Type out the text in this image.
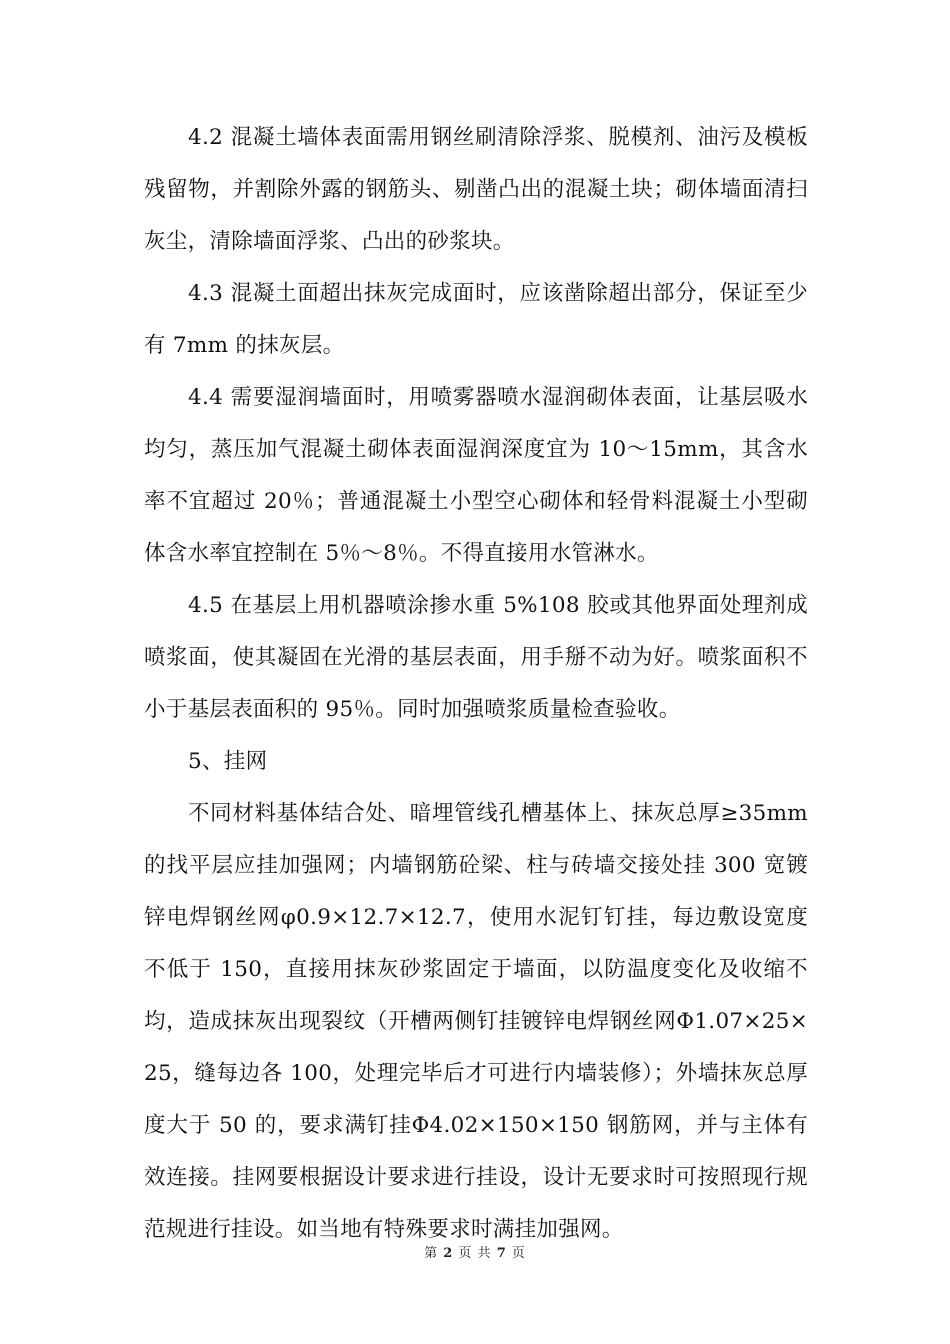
4.2 混凝土墙体表面需用钢丝刷清除浮浆、脱模剂、油污及模板残留物，并割除外露的钢筋头、剔凿凸出的混凝土块；砌体墙面清扫灰尘，清除墙面浮浆、凸出的砂浆块。

4.3 混凝土面超出抹灰完成面时，应该凿除超出部分，保证至少有 7mm 的抹灰层。

4.4 需要湿润墙面时，用喷雾器喷水湿润砌体表面，让基层吸水均匀，蒸压加气混凝土砌体表面湿润深度宜为 10～15mm，其含水率不宜超过 20％；普通混凝土小型空心砌体和轻骨料混凝土小型砌体含水率宜控制在 5％～8％。不得直接用水管淋水。

4.5 在基层上用机器喷涂掺水重 5%108 胶或其他界面处理剂成喷浆面，使其凝固在光滑的基层表面，用手掰不动为好。喷浆面积不小于基层表面积的 95％。同时加强喷浆质量检查验收。

5、挂网

不同材料基体结合处、暗埋管线孔槽基体上、抹灰总厚≥35mm 的找平层应挂加强网；内墙钢筋砼梁、柱与砖墙交接处挂 300 宽镀锌电焊钢丝网φ0.9×12.7×12.7，使用水泥钉钉挂，每边敷设宽度不低于 150，直接用抹灰砂浆固定于墙面，以防温度变化及收缩不均，造成抹灰出现裂纹（开槽两侧钉挂镀锌电焊钢丝网Φ1.07×25×25，缝每边各 100，处理完毕后才可进行内墙装修）；外墙抹灰总厚度大于 50 的，要求满钉挂Φ4.02×150×150 钢筋网，并与主体有效连接。挂网要根据设计要求进行挂设，设计无要求时可按照现行规范规进行挂设。如当地有特殊要求时满挂加强网。

第 2 页 共 7 页
